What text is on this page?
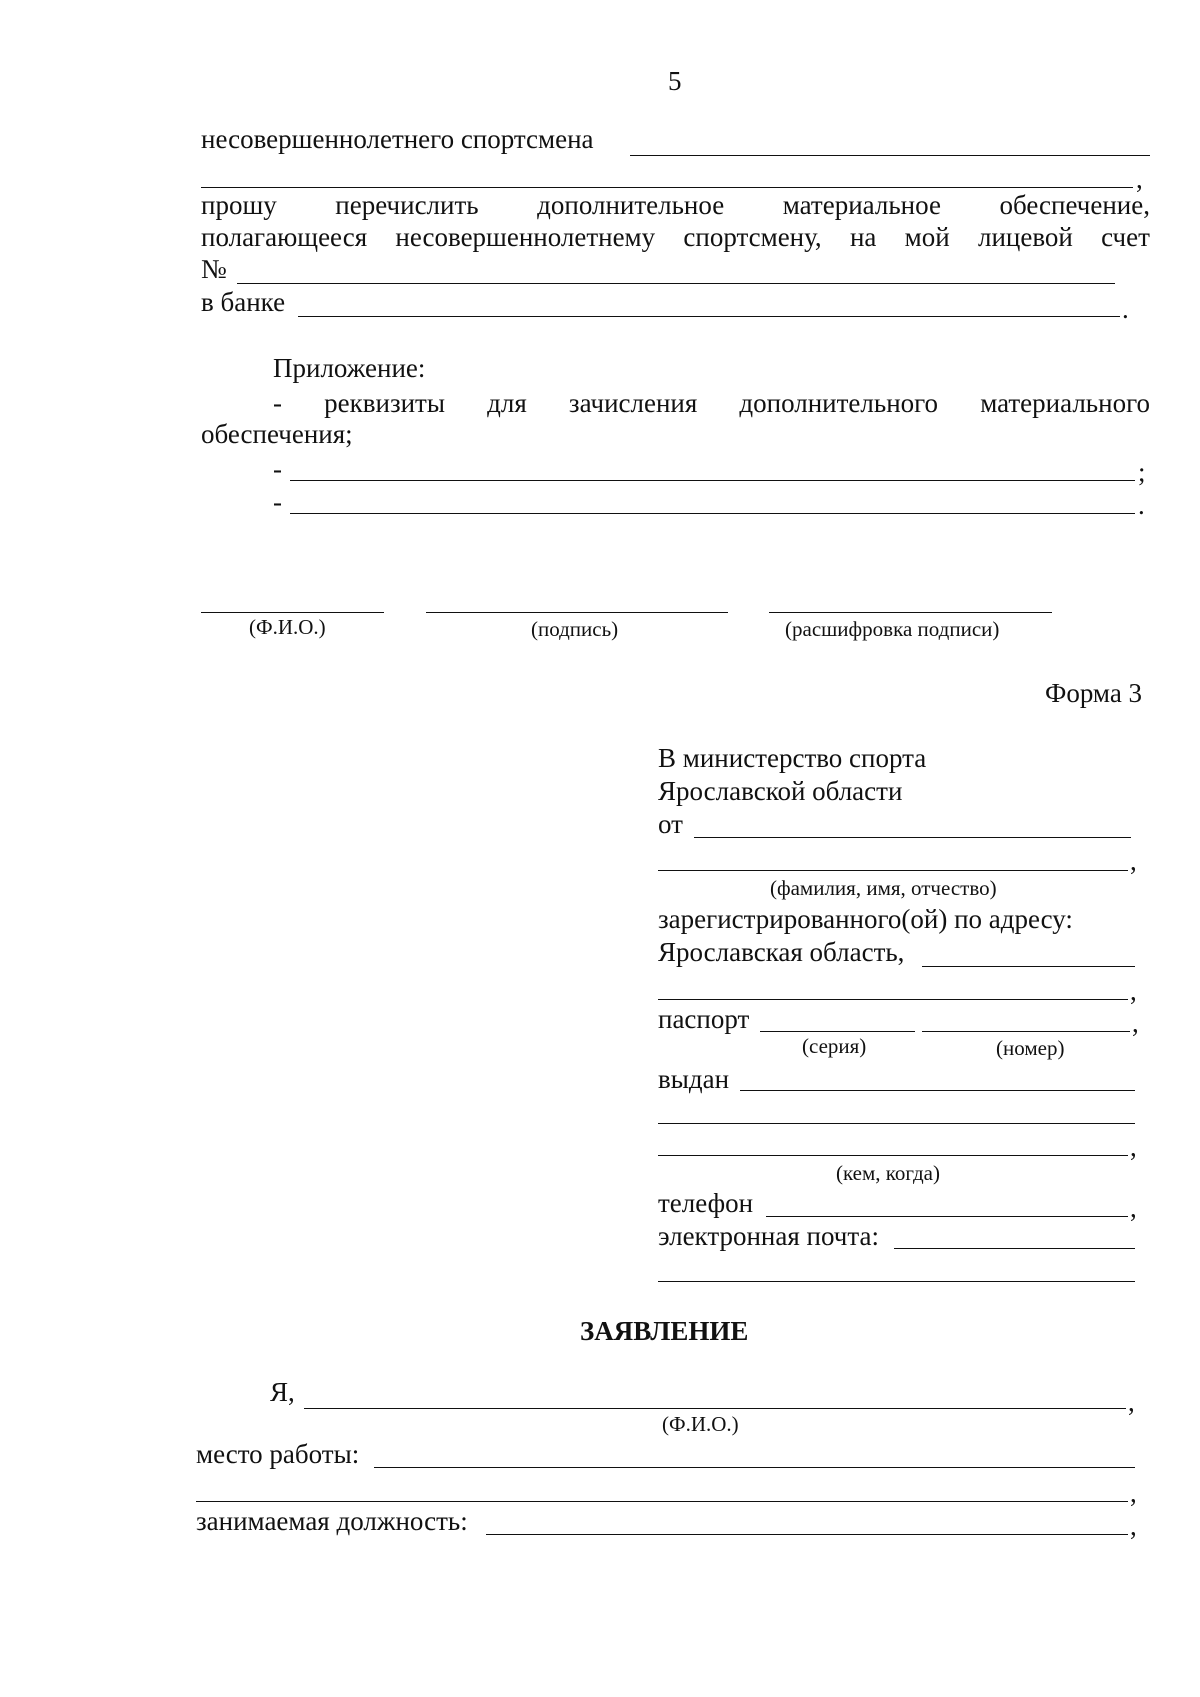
5
несовершеннолетнего спортсмена
,
прошу перечислить дополнительное материальное обеспечение,
полагающееся несовершеннолетнему спортсмену, на мой лицевой счет
№
в банке	.
Приложение:
- реквизиты для зачисления дополнительного материального
обеспечения;
-	;
-	.
(Ф.И.О.)	(подпись)	(расшифровка подписи)
Форма 3
В министерство спорта
Ярославской области
от
,
(фамилия, имя, отчество)
зарегистрированного(ой) по адресу:
Ярославская область,
,
паспорт	,
(серия)	(номер)
выдан
,
(кем, когда)
телефон	,
электронная почта:
ЗАЯВЛЕНИЕ
Я,	,
(Ф.И.О.)
место работы:
,
занимаемая должность:	,
